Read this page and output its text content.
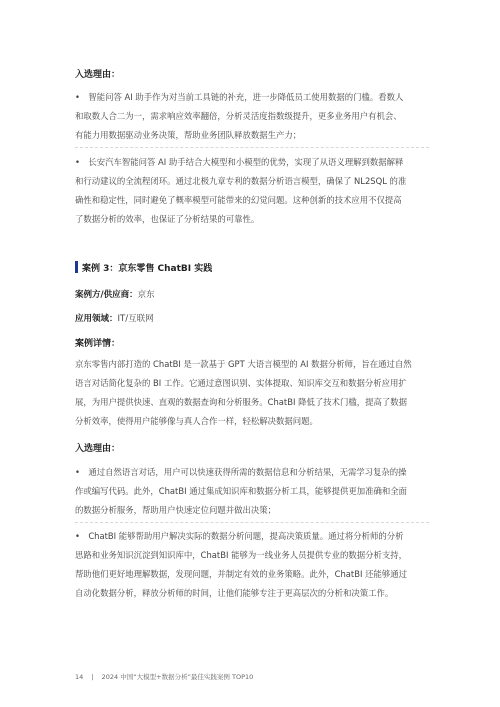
入选理由：
•　智能问答 AI 助手作为对当前工具链的补充，进一步降低员工使用数据的门槛。看数人
和取数人合二为一，需求响应效率翻倍，分析灵活度指数级提升，更多业务用户有机会、
有能力用数据驱动业务决策，帮助业务团队释放数据生产力；
•　长安汽车智能问答 AI 助手结合大模型和小模型的优势，实现了从语义理解到数据解释
和行动建议的全流程闭环。通过北极九章专利的数据分析语言模型，确保了 NL2SQL 的准
确性和稳定性，同时避免了概率模型可能带来的幻觉问题。这种创新的技术应用不仅提高
了数据分析的效率，也保证了分析结果的可靠性。
案例 3：京东零售 ChatBI 实践
案例方/供应商：京东
应用领域：IT/互联网
案例详情：
京东零售内部打造的 ChatBI 是一款基于 GPT 大语言模型的 AI 数据分析师，旨在通过自然
语言对话简化复杂的 BI 工作。它通过意图识别、实体提取、知识库交互和数据分析应用扩
展，为用户提供快速、直观的数据查询和分析服务。ChatBI 降低了技术门槛，提高了数据
分析效率，使得用户能够像与真人合作一样，轻松解决数据问题。
入选理由：
•　通过自然语言对话，用户可以快速获得所需的数据信息和分析结果，无需学习复杂的操
作或编写代码。此外，ChatBI 通过集成知识库和数据分析工具，能够提供更加准确和全面
的数据分析服务，帮助用户快速定位问题并做出决策；
•　ChatBI 能够帮助用户解决实际的数据分析问题，提高决策质量。通过将分析师的分析
思路和业务知识沉淀到知识库中，ChatBI 能够为一线业务人员提供专业的数据分析支持，
帮助他们更好地理解数据，发现问题，并制定有效的业务策略。此外，ChatBI 还能够通过
自动化数据分析，释放分析师的时间，让他们能够专注于更高层次的分析和决策工作。
14 | 2024 中国“大模型+数据分析”最佳实践案例 TOP10
